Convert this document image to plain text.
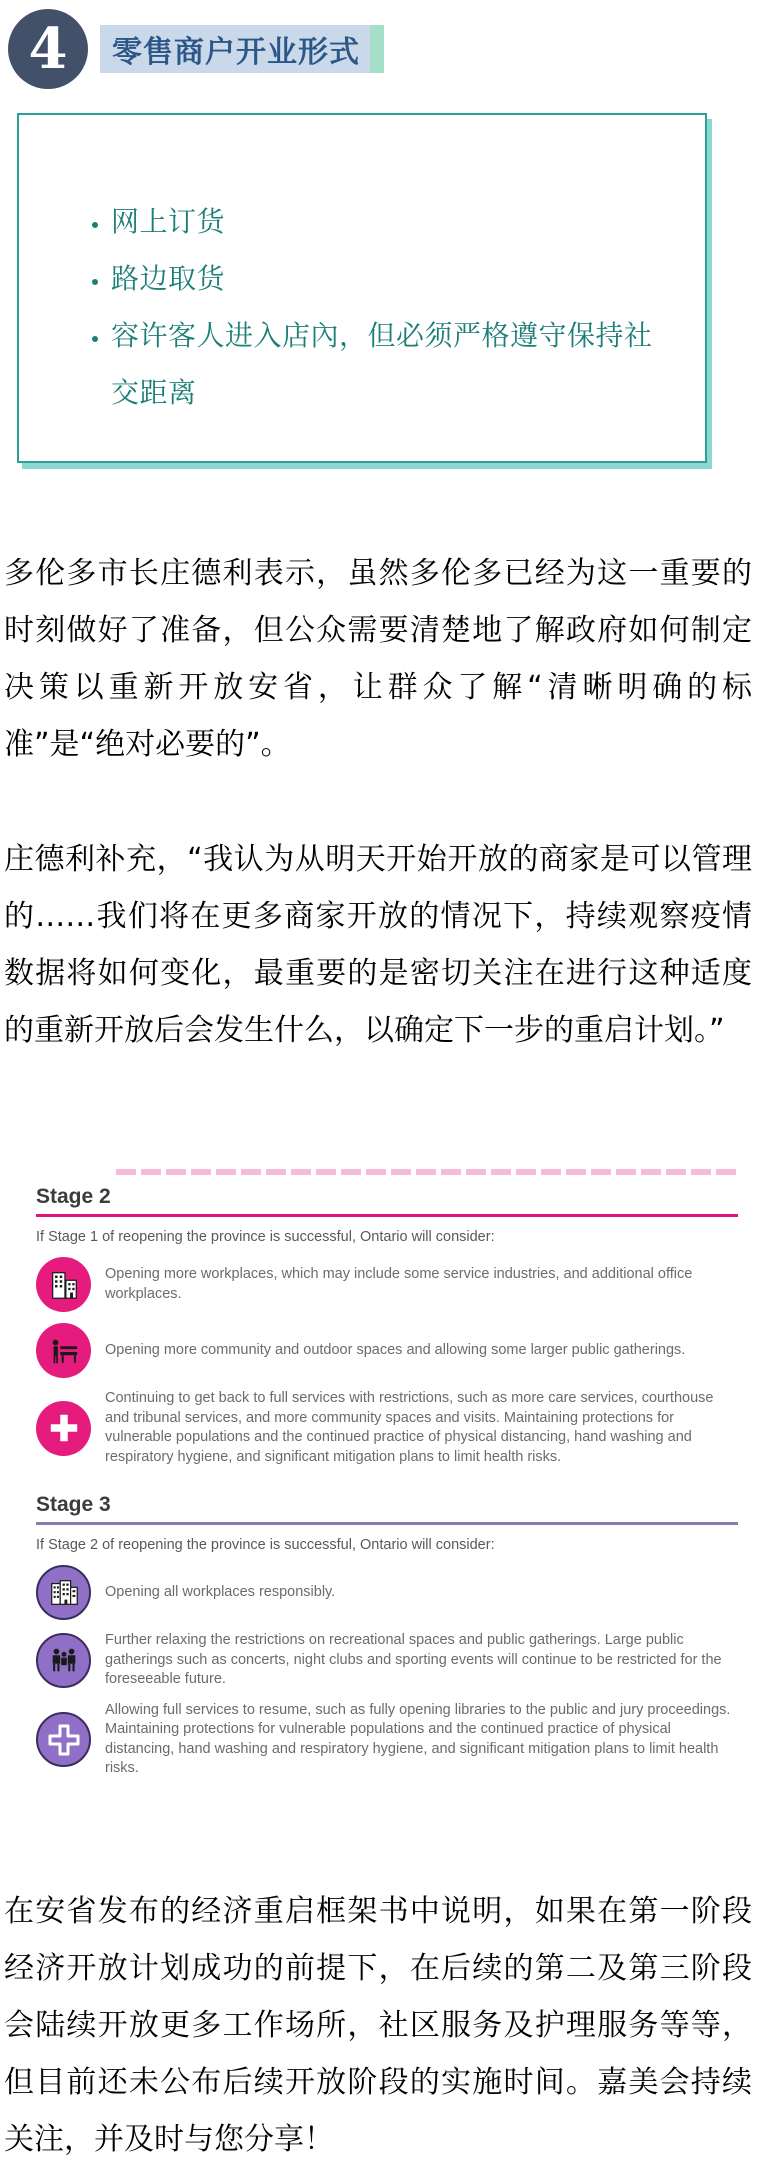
4 零售商户开业形式
• 网上订货
• 路边取货
• 容许客人进入店內，但必须严格遵守保持社交距离

多伦多市长庄德利表示，虽然多伦多已经为这一重要的时刻做好了准备，但公众需要清楚地了解政府如何制定决策以重新开放安省，让群众了解“清晰明确的标准”是“绝对必要的”。

庄德利补充，“我认为从明天开始开放的商家是可以管理的……我们将在更多商家开放的情况下，持续观察疫情数据将如何变化，最重要的是密切关注在进行这种适度的重新开放后会发生什么，以确定下一步的重启计划。”

Stage 2

If Stage 1 of reopening the province is successful, Ontario will consider:

Opening more workplaces, which may include some service industries, and additional office workplaces.

Opening more community and outdoor spaces and allowing some larger public gatherings.

Continuing to get back to full services with restrictions, such as more care services, courthouse and tribunal services, and more community spaces and visits. Maintaining protections for vulnerable populations and the continued practice of physical distancing, hand washing and respiratory hygiene, and significant mitigation plans to limit health risks.

Stage 3

If Stage 2 of reopening the province is successful, Ontario will consider:

Opening all workplaces responsibly.

Further relaxing the restrictions on recreational spaces and public gatherings. Large public gatherings such as concerts, night clubs and sporting events will continue to be restricted for the foreseeable future.

Allowing full services to resume, such as fully opening libraries to the public and jury proceedings. Maintaining protections for vulnerable populations and the continued practice of physical distancing, hand washing and respiratory hygiene, and significant mitigation plans to limit health risks.

在安省发布的经济重启框架书中说明，如果在第一阶段经济开放计划成功的前提下，在后续的第二及第三阶段会陆续开放更多工作场所，社区服务及护理服务等等，但目前还未公布后续开放阶段的实施时间。嘉美会持续关注，并及时与您分享！
